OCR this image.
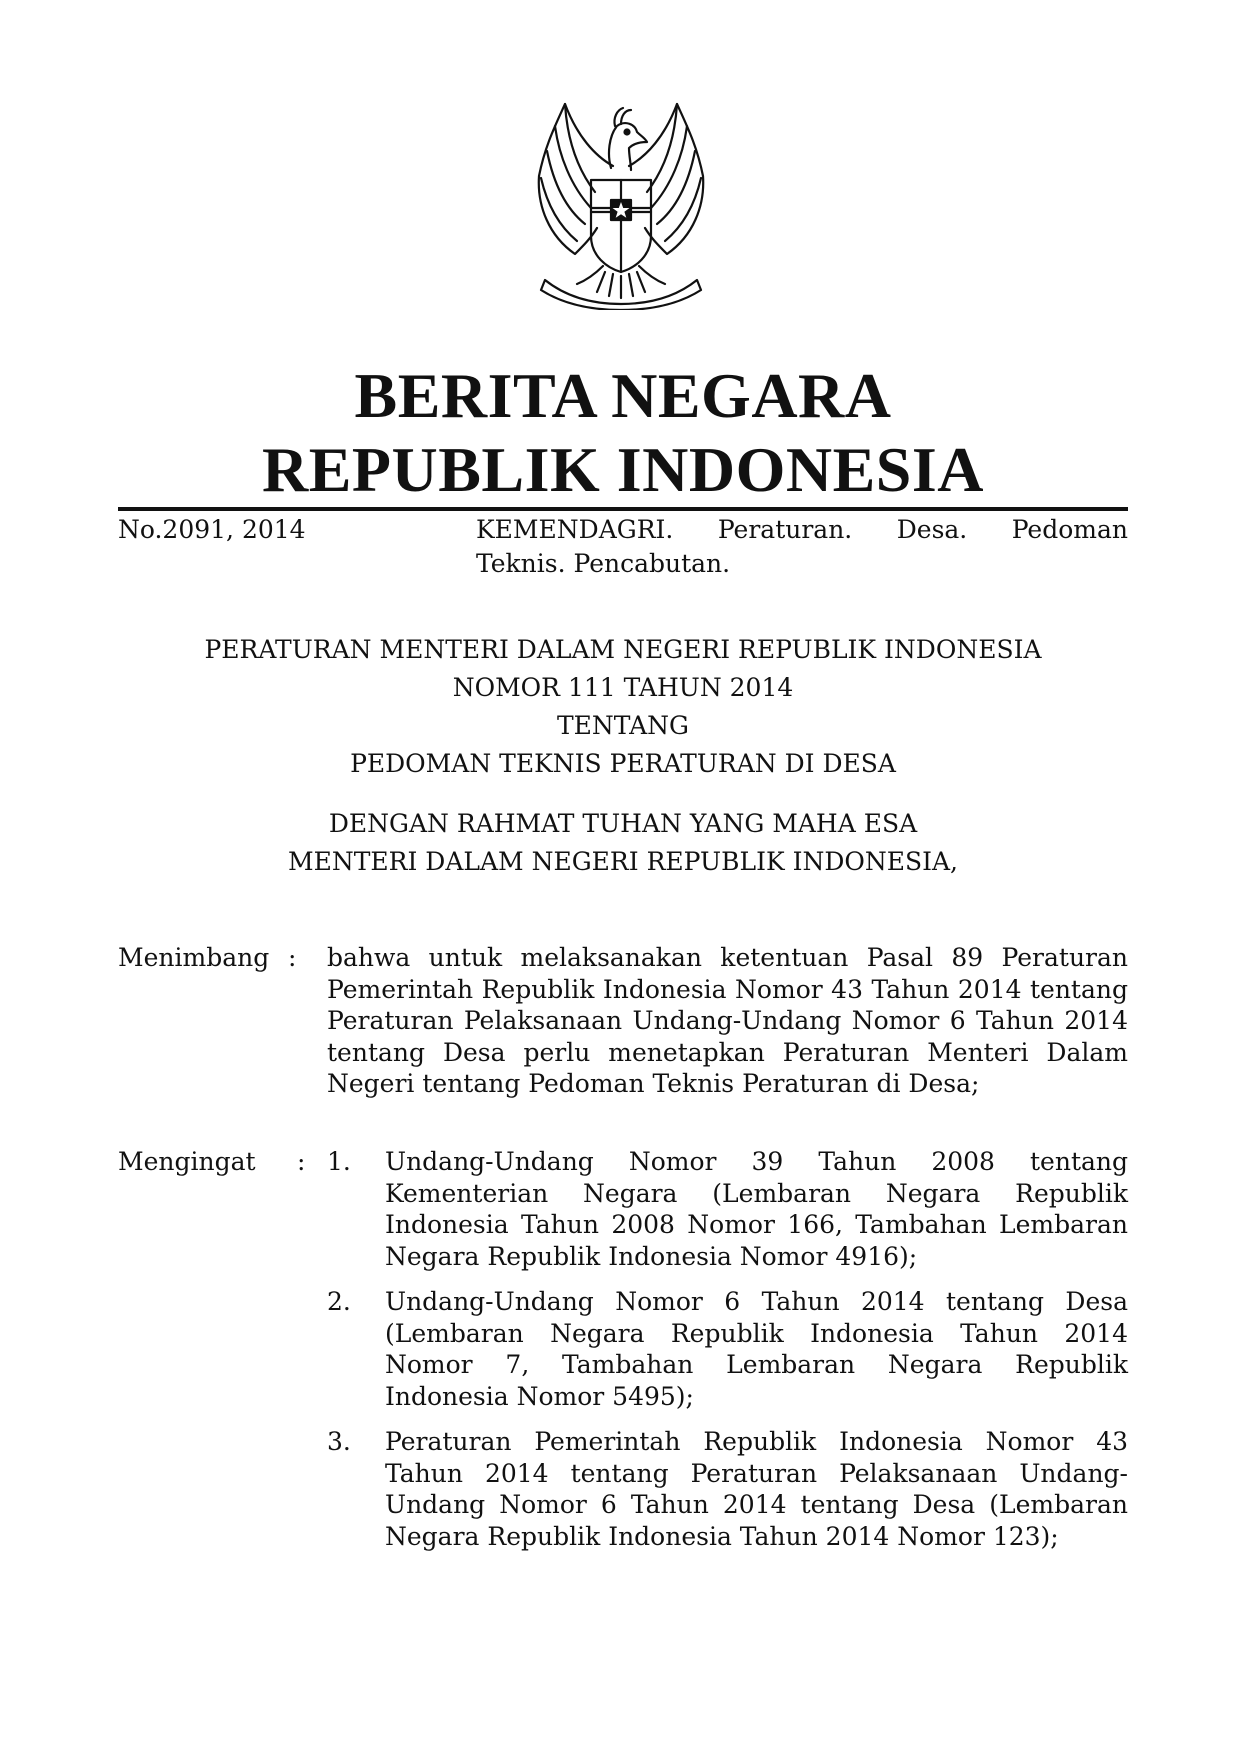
BERITA NEGARA
REPUBLIK INDONESIA
No.2091, 2014	KEMENDAGRI. Peraturan. Desa. Pedoman
Teknis. Pencabutan.
PERATURAN MENTERI DALAM NEGERI REPUBLIK INDONESIA
NOMOR 111 TAHUN 2014
TENTANG
PEDOMAN TEKNIS PERATURAN DI DESA
DENGAN RAHMAT TUHAN YANG MAHA ESA
MENTERI DALAM NEGERI REPUBLIK INDONESIA,
Menimbang : bahwa untuk melaksanakan ketentuan Pasal 89 Peraturan Pemerintah Republik Indonesia Nomor 43 Tahun 2014 tentang Peraturan Pelaksanaan Undang-Undang Nomor 6 Tahun 2014 tentang Desa perlu menetapkan Peraturan Menteri Dalam Negeri tentang Pedoman Teknis Peraturan di Desa;
Mengingat : 1. Undang-Undang Nomor 39 Tahun 2008 tentang Kementerian Negara (Lembaran Negara Republik Indonesia Tahun 2008 Nomor 166, Tambahan Lembaran Negara Republik Indonesia Nomor 4916);
2. Undang-Undang Nomor 6 Tahun 2014 tentang Desa (Lembaran Negara Republik Indonesia Tahun 2014 Nomor 7, Tambahan Lembaran Negara Republik Indonesia Nomor 5495);
3. Peraturan Pemerintah Republik Indonesia Nomor 43 Tahun 2014 tentang Peraturan Pelaksanaan Undang-Undang Nomor 6 Tahun 2014 tentang Desa (Lembaran Negara Republik Indonesia Tahun 2014 Nomor 123);
